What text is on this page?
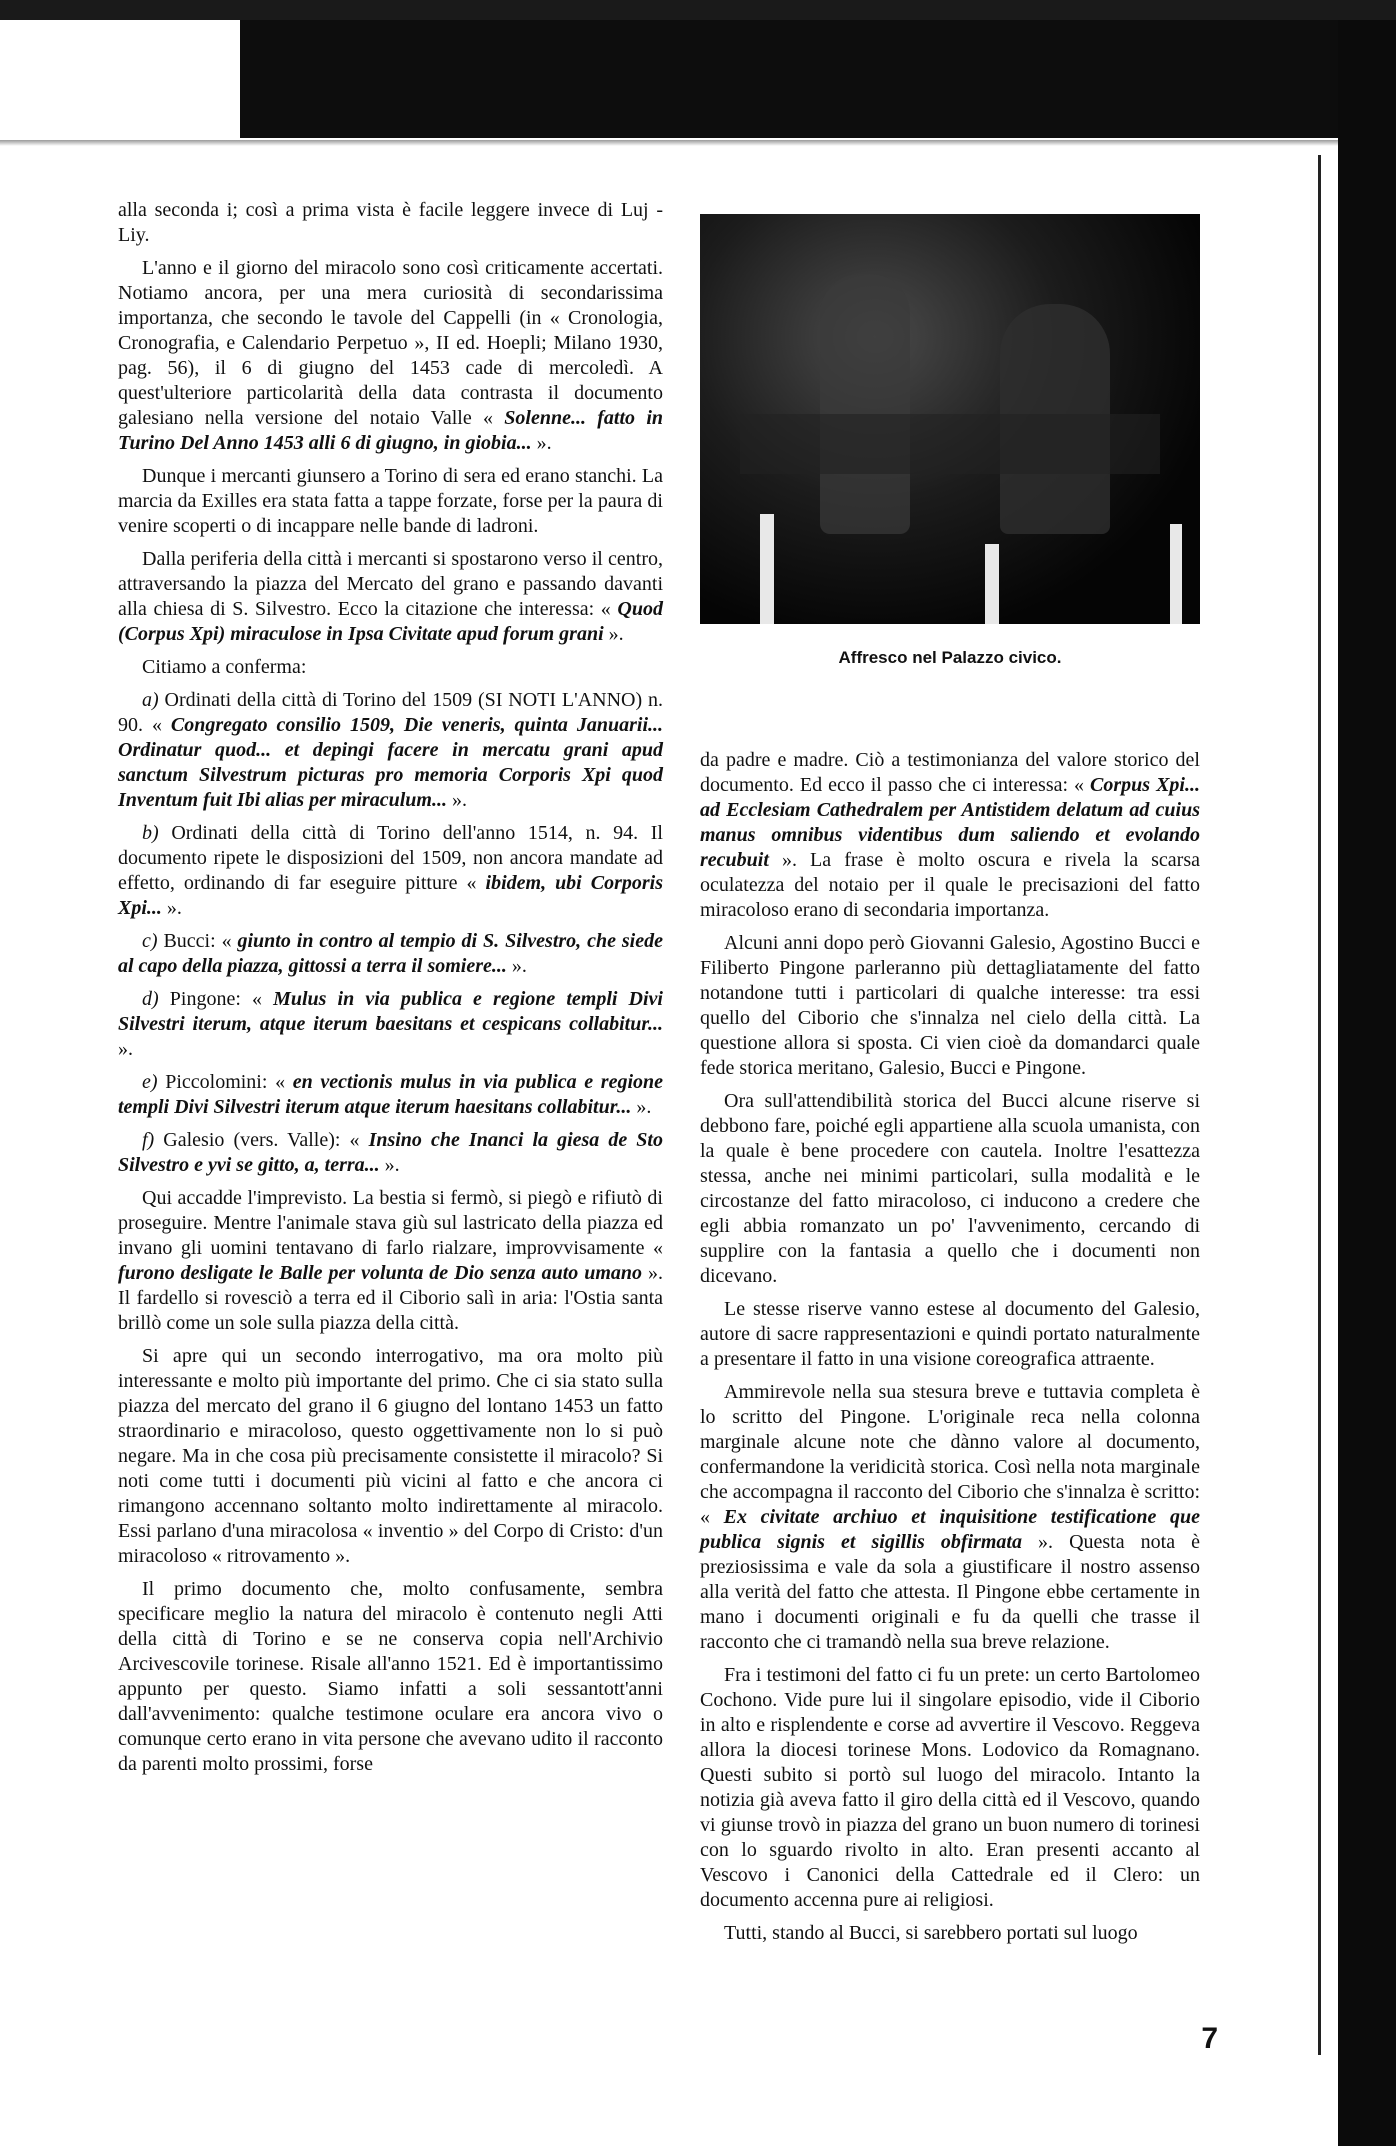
alla seconda i; così a prima vista è facile leggere invece di Luj - Liy.

L'anno e il giorno del miracolo sono così criticamente accertati. Notiamo ancora, per una mera curiosità di secondarissima importanza, che secondo le tavole del Cappelli (in « Cronologia, Cronografia, e Calendario Perpetuo », II ed. Hoepli; Milano 1930, pag. 56), il 6 di giugno del 1453 cade di mercoledì. A quest'ulteriore particolarità della data contrasta il documento galesiano nella versione del notaio Valle « Solenne... fatto in Turino Del Anno 1453 alli 6 di giugno, in giobia... ».

Dunque i mercanti giunsero a Torino di sera ed erano stanchi. La marcia da Exilles era stata fatta a tappe forzate, forse per la paura di venire scoperti o di incappare nelle bande di ladroni.

Dalla periferia della città i mercanti si spostarono verso il centro, attraversando la piazza del Mercato del grano e passando davanti alla chiesa di S. Silvestro. Ecco la citazione che interessa: « Quod (Corpus Xpi) miraculose in Ipsa Civitate apud forum grani ».

Citiamo a conferma:

a) Ordinati della città di Torino del 1509 (SI NOTI L'ANNO) n. 90. « Congregato consilio 1509, Die veneris, quinta Januarii... Ordinatur quod... et depingi facere in mercatu grani apud sanctum Silvestrum picturas pro memoria Corporis Xpi quod Inventum fuit Ibi alias per miraculum... ».

b) Ordinati della città di Torino dell'anno 1514, n. 94. Il documento ripete le disposizioni del 1509, non ancora mandate ad effetto, ordinando di far eseguire pitture « ibidem, ubi Corporis Xpi... ».

c) Bucci: « giunto in contro al tempio di S. Silvestro, che siede al capo della piazza, gittossi a terra il somiere... ».

d) Pingone: « Mulus in via publica e regione templi Divi Silvestri iterum, atque iterum baesitans et cespicans collabitur... ».

e) Piccolomini: « en vectionis mulus in via publica e regione templi Divi Silvestri iterum atque iterum haesitans collabitur... ».

f) Galesio (vers. Valle): « Insino che Inanci la giesa de Sto Silvestro e yvi se gitto, a, terra... ».

Qui accadde l'imprevisto. La bestia si fermò, si piegò e rifiutò di proseguire. Mentre l'animale stava giù sul lastricato della piazza ed invano gli uomini tentavano di farlo rialzare, improvvisamente « furono desligate le Balle per volunta de Dio senza auto umano ». Il fardello si rovesciò a terra ed il Ciborio salì in aria: l'Ostia santa brillò come un sole sulla piazza della città.

Si apre qui un secondo interrogativo, ma ora molto più interessante e molto più importante del primo. Che ci sia stato sulla piazza del mercato del grano il 6 giugno del lontano 1453 un fatto straordinario e miracoloso, questo oggettivamente non lo si può negare. Ma in che cosa più precisamente consistette il miracolo? Si noti come tutti i documenti più vicini al fatto e che ancora ci rimangono accennano soltanto molto indirettamente al miracolo. Essi parlano d'una miracolosa « inventio » del Corpo di Cristo: d'un miracoloso « ritrovamento ».

Il primo documento che, molto confusamente, sembra specificare meglio la natura del miracolo è contenuto negli Atti della città di Torino e se ne conserva copia nell'Archivio Arcivescovile torinese. Risale all'anno 1521. Ed è importantissimo appunto per questo. Siamo infatti a soli sessantott'anni dall'avvenimento: qualche testimone oculare era ancora vivo o comunque certo erano in vita persone che avevano udito il racconto da parenti molto prossimi, forse

Affresco nel Palazzo civico.

da padre e madre. Ciò a testimonianza del valore storico del documento. Ed ecco il passo che ci interessa: « Corpus Xpi... ad Ecclesiam Cathedralem per Antistidem delatum ad cuius manus omnibus videntibus dum saliendo et evolando recubuit ». La frase è molto oscura e rivela la scarsa oculatezza del notaio per il quale le precisazioni del fatto miracoloso erano di secondaria importanza.

Alcuni anni dopo però Giovanni Galesio, Agostino Bucci e Filiberto Pingone parleranno più dettagliatamente del fatto notandone tutti i particolari di qualche interesse: tra essi quello del Ciborio che s'innalza nel cielo della città. La questione allora si sposta. Ci vien cioè da domandarci quale fede storica meritano, Galesio, Bucci e Pingone.

Ora sull'attendibilità storica del Bucci alcune riserve si debbono fare, poiché egli appartiene alla scuola umanista, con la quale è bene procedere con cautela. Inoltre l'esattezza stessa, anche nei minimi particolari, sulla modalità e le circostanze del fatto miracoloso, ci inducono a credere che egli abbia romanzato un po' l'avvenimento, cercando di supplire con la fantasia a quello che i documenti non dicevano.

Le stesse riserve vanno estese al documento del Galesio, autore di sacre rappresentazioni e quindi portato naturalmente a presentare il fatto in una visione coreografica attraente.

Ammirevole nella sua stesura breve e tuttavia completa è lo scritto del Pingone. L'originale reca nella colonna marginale alcune note che dànno valore al documento, confermandone la veridicità storica. Così nella nota marginale che accompagna il racconto del Ciborio che s'innalza è scritto: « Ex civitate archiuo et inquisitione testificatione que publica signis et sigillis obfirmata ». Questa nota è preziosissima e vale da sola a giustificare il nostro assenso alla verità del fatto che attesta. Il Pingone ebbe certamente in mano i documenti originali e fu da quelli che trasse il racconto che ci tramandò nella sua breve relazione.

Fra i testimoni del fatto ci fu un prete: un certo Bartolomeo Cochono. Vide pure lui il singolare episodio, vide il Ciborio in alto e risplendente e corse ad avvertire il Vescovo. Reggeva allora la diocesi torinese Mons. Lodovico da Romagnano. Questi subito si portò sul luogo del miracolo. Intanto la notizia già aveva fatto il giro della città ed il Vescovo, quando vi giunse trovò in piazza del grano un buon numero di torinesi con lo sguardo rivolto in alto. Eran presenti accanto al Vescovo i Canonici della Cattedrale ed il Clero: un documento accenna pure ai religiosi.

Tutti, stando al Bucci, si sarebbero portati sul luogo

7
